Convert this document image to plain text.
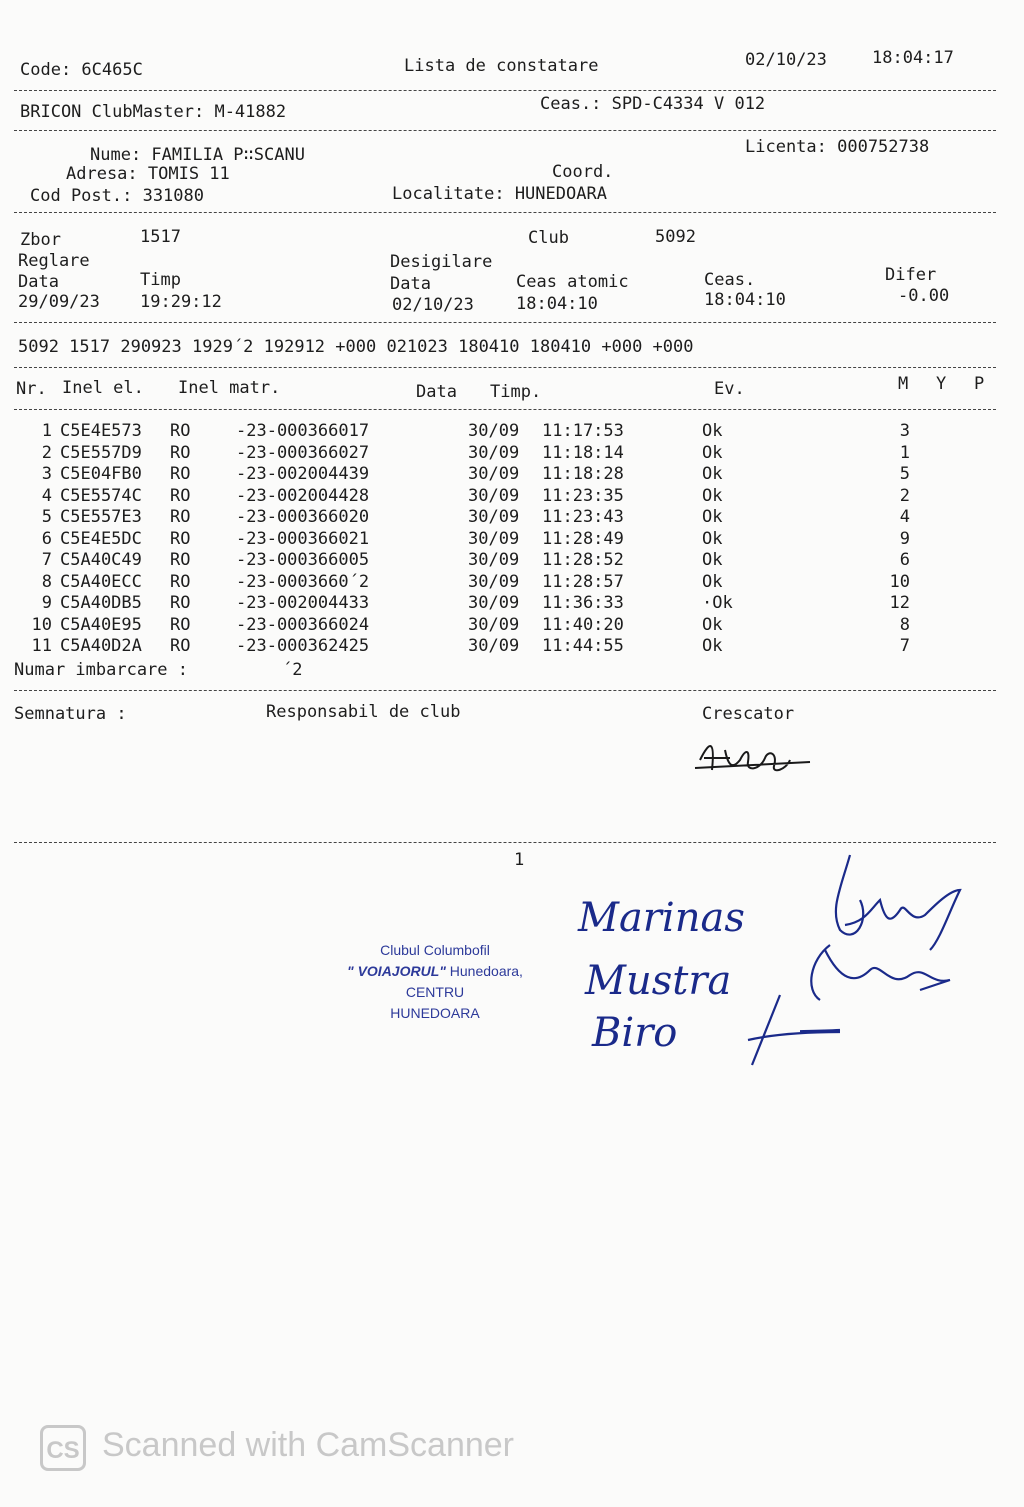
Code: 6C465C	Lista de constatare	02/10/23	18:04:17
BRICON ClubMaster: M-41882	Ceas.: SPD-C4334 V 012
Nume: FAMILIA P∷SCANU	Licenta: 000752738
Adresa: TOMIS 11	Coord.
Cod Post.: 331080	Localitate: HUNEDOARA
Zbor	1517	Club	5092
Reglare	Desigilare
Data	Timp	Data	Ceas atomic	Ceas.	Difer
29/09/23 19:29:12	02/10/23 18:04:10	18:04:10	-0.00
5092 1517 290923 1929´2 192912 +000 021023 180410 180410 +000 +000
Nr. Inel el. Inel matr.	Data Timp.	Ev.	M Y P
1	C5E4E573	RO	-23-000366017	30/09	11:17:53	Ok		3
2	C5E557D9	RO	-23-000366027	30/09	11:18:14	Ok		1
3	C5E04FB0	RO	-23-002004439	30/09	11:18:28	Ok		5
4	C5E5574C	RO	-23-002004428	30/09	11:23:35	Ok		2
5	C5E557E3	RO	-23-000366020	30/09	11:23:43	Ok		4
6	C5E4E5DC	RO	-23-000366021	30/09	11:28:49	Ok		9
7	C5A40C49	RO	-23-000366005	30/09	11:28:52	Ok		6
8	C5A40ECC	RO	-23-0003660´2	30/09	11:28:57	Ok		10
9	C5A40DB5	RO	-23-002004433	30/09	11:36:33	·Ok		12
10	C5A40E95	RO	-23-000366024	30/09	11:40:20	Ok		8
11	C5A40D2A	RO	-23-000362425	30/09	11:44:55	Ok		7
Numar imbarcare :	´2
Semnatura :	Responsabil de club	Crescator
1
Clubul Columbofil
" VOIAJORUL" Hunedoara,
CENTRU
HUNEDOARA
Marinas
Mustra
Biro
CS Scanned with CamScanner
